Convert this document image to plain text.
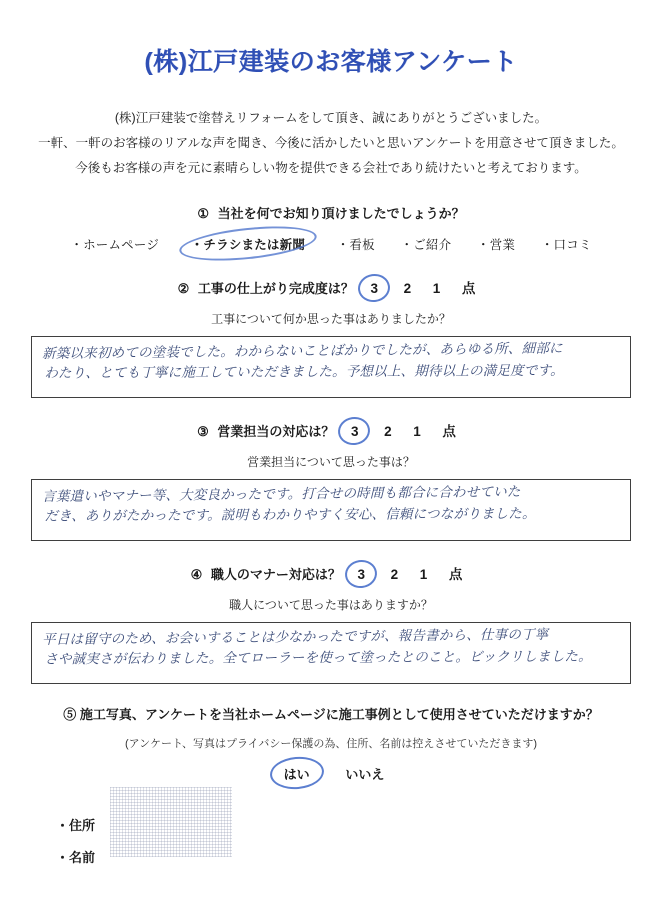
(株)江戸建装のお客様アンケート
(株)江戸建装で塗替えリフォームをして頂き、誠にありがとうございました。
一軒、一軒のお客様のリアルな声を聞き、今後に活かしたいと思いアンケートを用意させて頂きました。
今後もお客様の声を元に素晴らしい物を提供できる会社であり続けたいと考えております。
① 当社を何でお知り頂けましたでしょうか？
・ホームページ	・チラシまたは新聞	・看板 ・ご紹介 ・営業 ・口コミ
② 工事の仕上がり完成度は？ 3 2 1 点
工事について何か思った事はありましたか？
新築以来初めての塗装でした。わからないことばかりでしたが、あらゆる所、細部に
わたり、とても丁寧に施工していただきました。予想以上、期待以上の満足度です。
③ 営業担当の対応は？ 3 2 1 点
営業担当について思った事は？
言葉遣いやマナー等、大変良かったです。打合せの時間も都合に合わせていた
だき、ありがたかったです。説明もわかりやすく安心、信頼につながりました。
④ 職人のマナー対応は？ 3 2 1 点
職人について思った事はありますか？
平日は留守のため、お会いすることは少なかったですが、報告書から、仕事の丁寧
さや誠実さが伝わりました。全てローラーを使って塗ったとのこと。ビックリしました。
⑤ 施工写真、アンケートを当社ホームページに施工事例として使用させていただけますか？
(アンケート、写真はプライバシー保護の為、住所、名前は控えさせていただきます)
はい	いいえ
・住所
・名前
